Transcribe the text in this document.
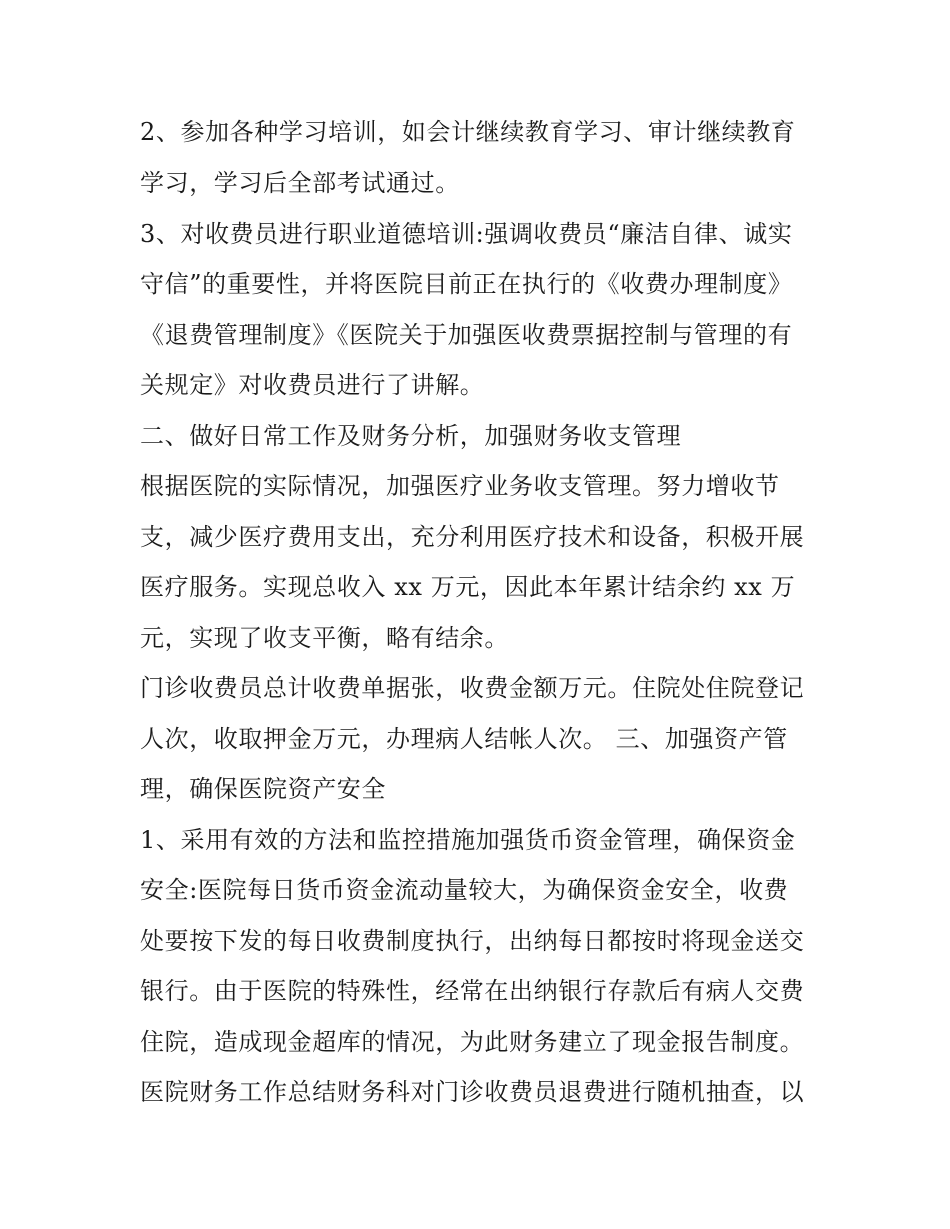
2、参加各种学习培训，如会计继续教育学习、审计继续教育
学习，学习后全部考试通过。
3、对收费员进行职业道德培训:强调收费员“廉洁自律、诚实
守信”的重要性，并将医院目前正在执行的《收费办理制度》
《退费管理制度》《医院关于加强医收费票据控制与管理的有
关规定》对收费员进行了讲解。
二、做好日常工作及财务分析，加强财务收支管理
根据医院的实际情况，加强医疗业务收支管理。努力增收节
支，减少医疗费用支出，充分利用医疗技术和设备，积极开展
医疗服务。实现总收入 xx 万元，因此本年累计结余约 xx 万
元，实现了收支平衡，略有结余。
门诊收费员总计收费单据张，收费金额万元。住院处住院登记
人次，收取押金万元，办理病人结帐人次。 三、加强资产管
理，确保医院资产安全
1、采用有效的方法和监控措施加强货币资金管理，确保资金
安全:医院每日货币资金流动量较大，为确保资金安全，收费
处要按下发的每日收费制度执行，出纳每日都按时将现金送交
银行。由于医院的特殊性，经常在出纳银行存款后有病人交费
住院，造成现金超库的情况，为此财务建立了现金报告制度。
医院财务工作总结财务科对门诊收费员退费进行随机抽查，以
